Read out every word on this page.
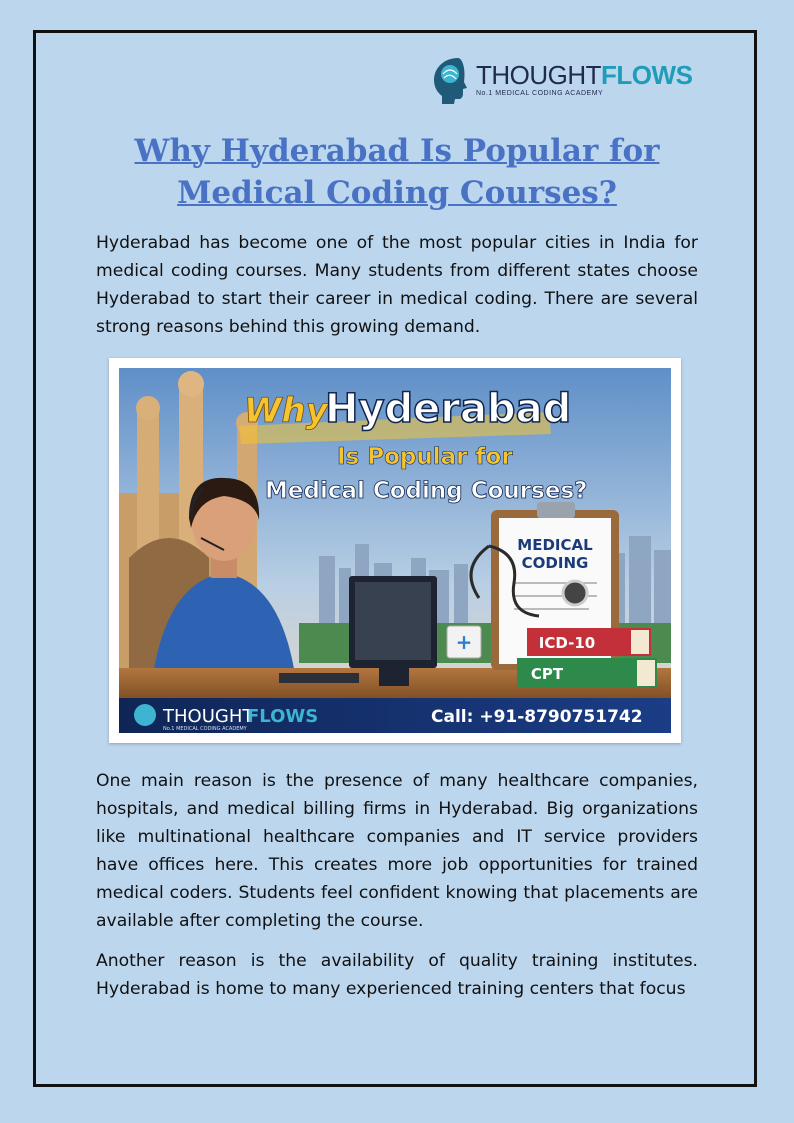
THOUGHTFLOWS
No.1 MEDICAL CODING ACADEMY
Why Hyderabad Is Popular for Medical Coding Courses?

Hyderabad has become one of the most popular cities in India for medical coding courses. Many students from different states choose Hyderabad to start their career in medical coding. There are several strong reasons behind this growing demand.

MEDICAL
CODING
+	ICD-10
CPT
Why
Hyderabad
Is Popular for
Medical Coding Courses?
THOUGHT
FLOWS
No.1 MEDICAL CODING ACADEMY
Call: +91-8790751742

One main reason is the presence of many healthcare companies, hospitals, and medical billing firms in Hyderabad. Big organizations like multinational healthcare companies and IT service providers have offices here. This creates more job opportunities for trained medical coders. Students feel confident knowing that placements are available after completing the course.

Another reason is the availability of quality training institutes. Hyderabad is home to many experienced training centers that focus
